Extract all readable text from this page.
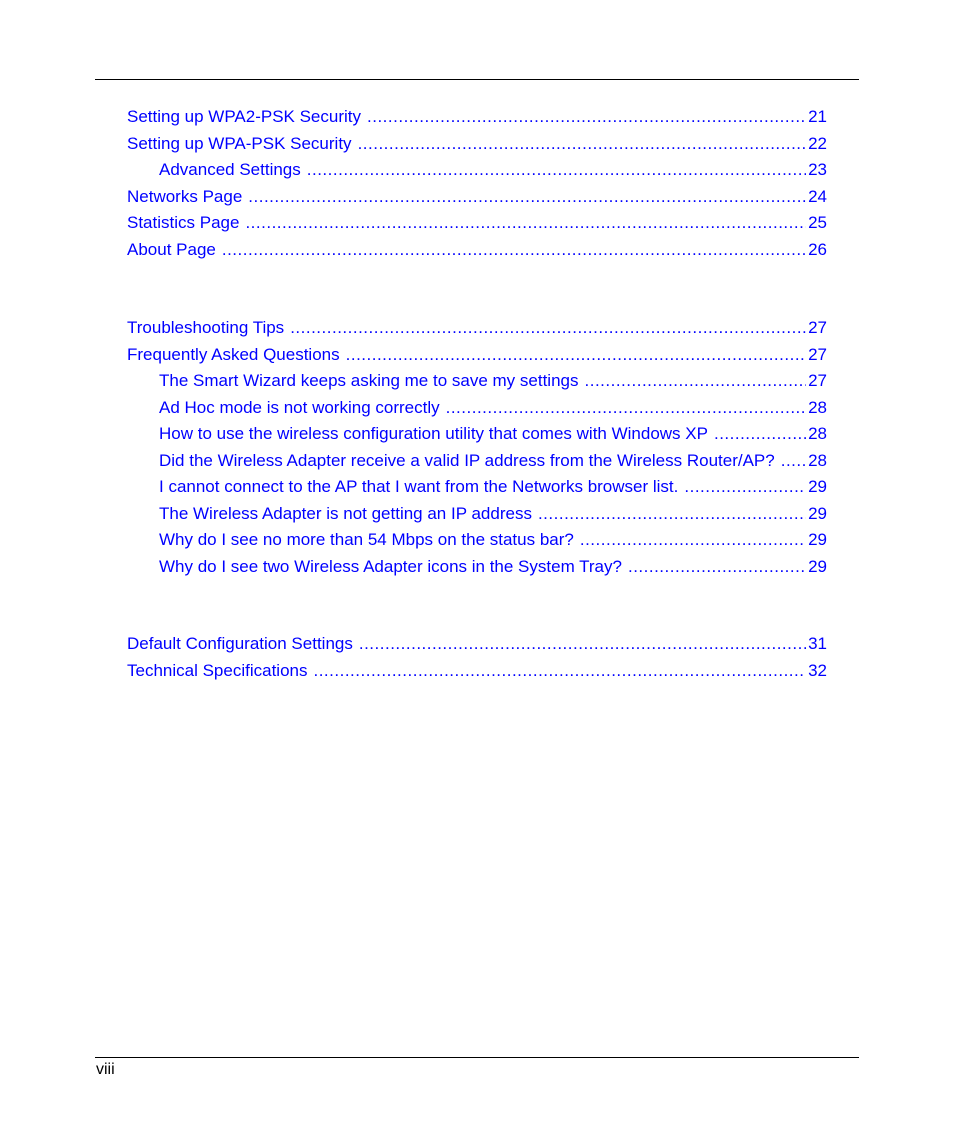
Setting up WPA2-PSK Security .....	21
Setting up WPA-PSK Security .....	22
Advanced Settings .....	23
Networks Page .....	24
Statistics Page .....	25
About Page .....	26
Troubleshooting Tips .....	27
Frequently Asked Questions .....	27
The Smart Wizard keeps asking me to save my settings .....	27
Ad Hoc mode is not working correctly .....	28
How to use the wireless configuration utility that comes with Windows XP .....	28
Did the Wireless Adapter receive a valid IP address from the Wireless Router/AP? .....	28
I cannot connect to the AP that I want from the Networks browser list. .....	29
The Wireless Adapter is not getting an IP address .....	29
Why do I see no more than 54 Mbps on the status bar? .....	29
Why do I see two Wireless Adapter icons in the System Tray? .....	29
Default Configuration Settings .....	31
Technical Specifications .....	32
viii
